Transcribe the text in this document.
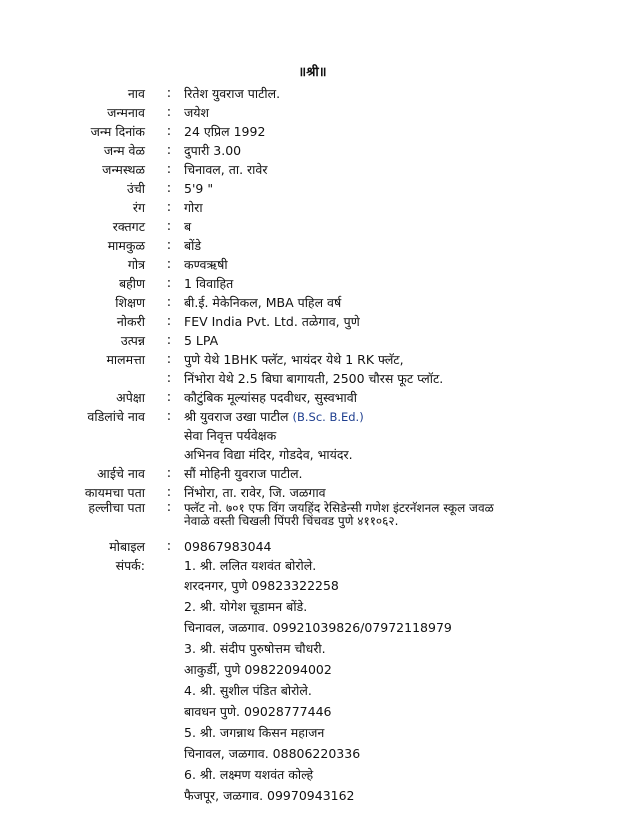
॥श्री॥
नाव : रितेश युवराज पाटील.
जन्मनाव : जयेश
जन्म दिनांक : 24 एप्रिल 1992
जन्म वेळ : दुपारी 3.00
जन्मस्थळ : चिनावल, ता. रावेर
उंची : 5'9 "
रंग : गोरा
रक्तगट : ब
मामकुळ : बोंडे
गोत्र : कण्वऋषी
बहीण : 1 विवाहित
शिक्षण : बी.ई. मेकेनिकल, MBA पहिल वर्ष
नोकरी : FEV India Pvt. Ltd. तळेगाव, पुणे
उत्पन्न : 5 LPA
मालमत्ता : पुणे येथे 1BHK फ्लॅट, भायंदर येथे 1 RK फ्लॅट,
: निंभोरा येथे 2.5 बिघा बागायती, 2500 चौरस फूट प्लॉट.
अपेक्षा : कौटुंबिक मूल्यांसह पदवीधर, सुस्वभावी
वडिलांचे नाव : श्री युवराज उखा पाटील (B.Sc. B.Ed.)
सेवा निवृत्त पर्यवेक्षक
अभिनव विद्या मंदिर, गोडदेव, भायंदर.
आईचे नाव : सौं मोहिनी युवराज पाटील.
कायमचा पता : निंभोरा, ता. रावेर, जि. जळगाव
हल्लीचा पता : फ्लॅट नो. ७०१ एफ विंग जयहिंद रेसिडेन्सी गणेश इंटरनॅशनल स्कूल जवळ
नेवाळे वस्ती चिखली पिंपरी चिंचवड पुणे ४११०६२.
मोबाइल : 09867983044
संपर्क:	1. श्री. ललित यशवंत बोरोले.
शरदनगर, पुणे 09823322258
2. श्री. योगेश चूडामन बोंडे.
चिनावल, जळगाव. 09921039826/07972118979
3. श्री. संदीप पुरुषोत्तम चौधरी.
आकुर्डी, पुणे 09822094002
4. श्री. सुशील पंडित बोरोले.
बावधन पुणे. 09028777446
5. श्री. जगन्नाथ किसन महाजन
चिनावल, जळगाव. 08806220336
6. श्री. लक्ष्मण यशवंत कोल्हे
फैजपूर, जळगाव. 09970943162
